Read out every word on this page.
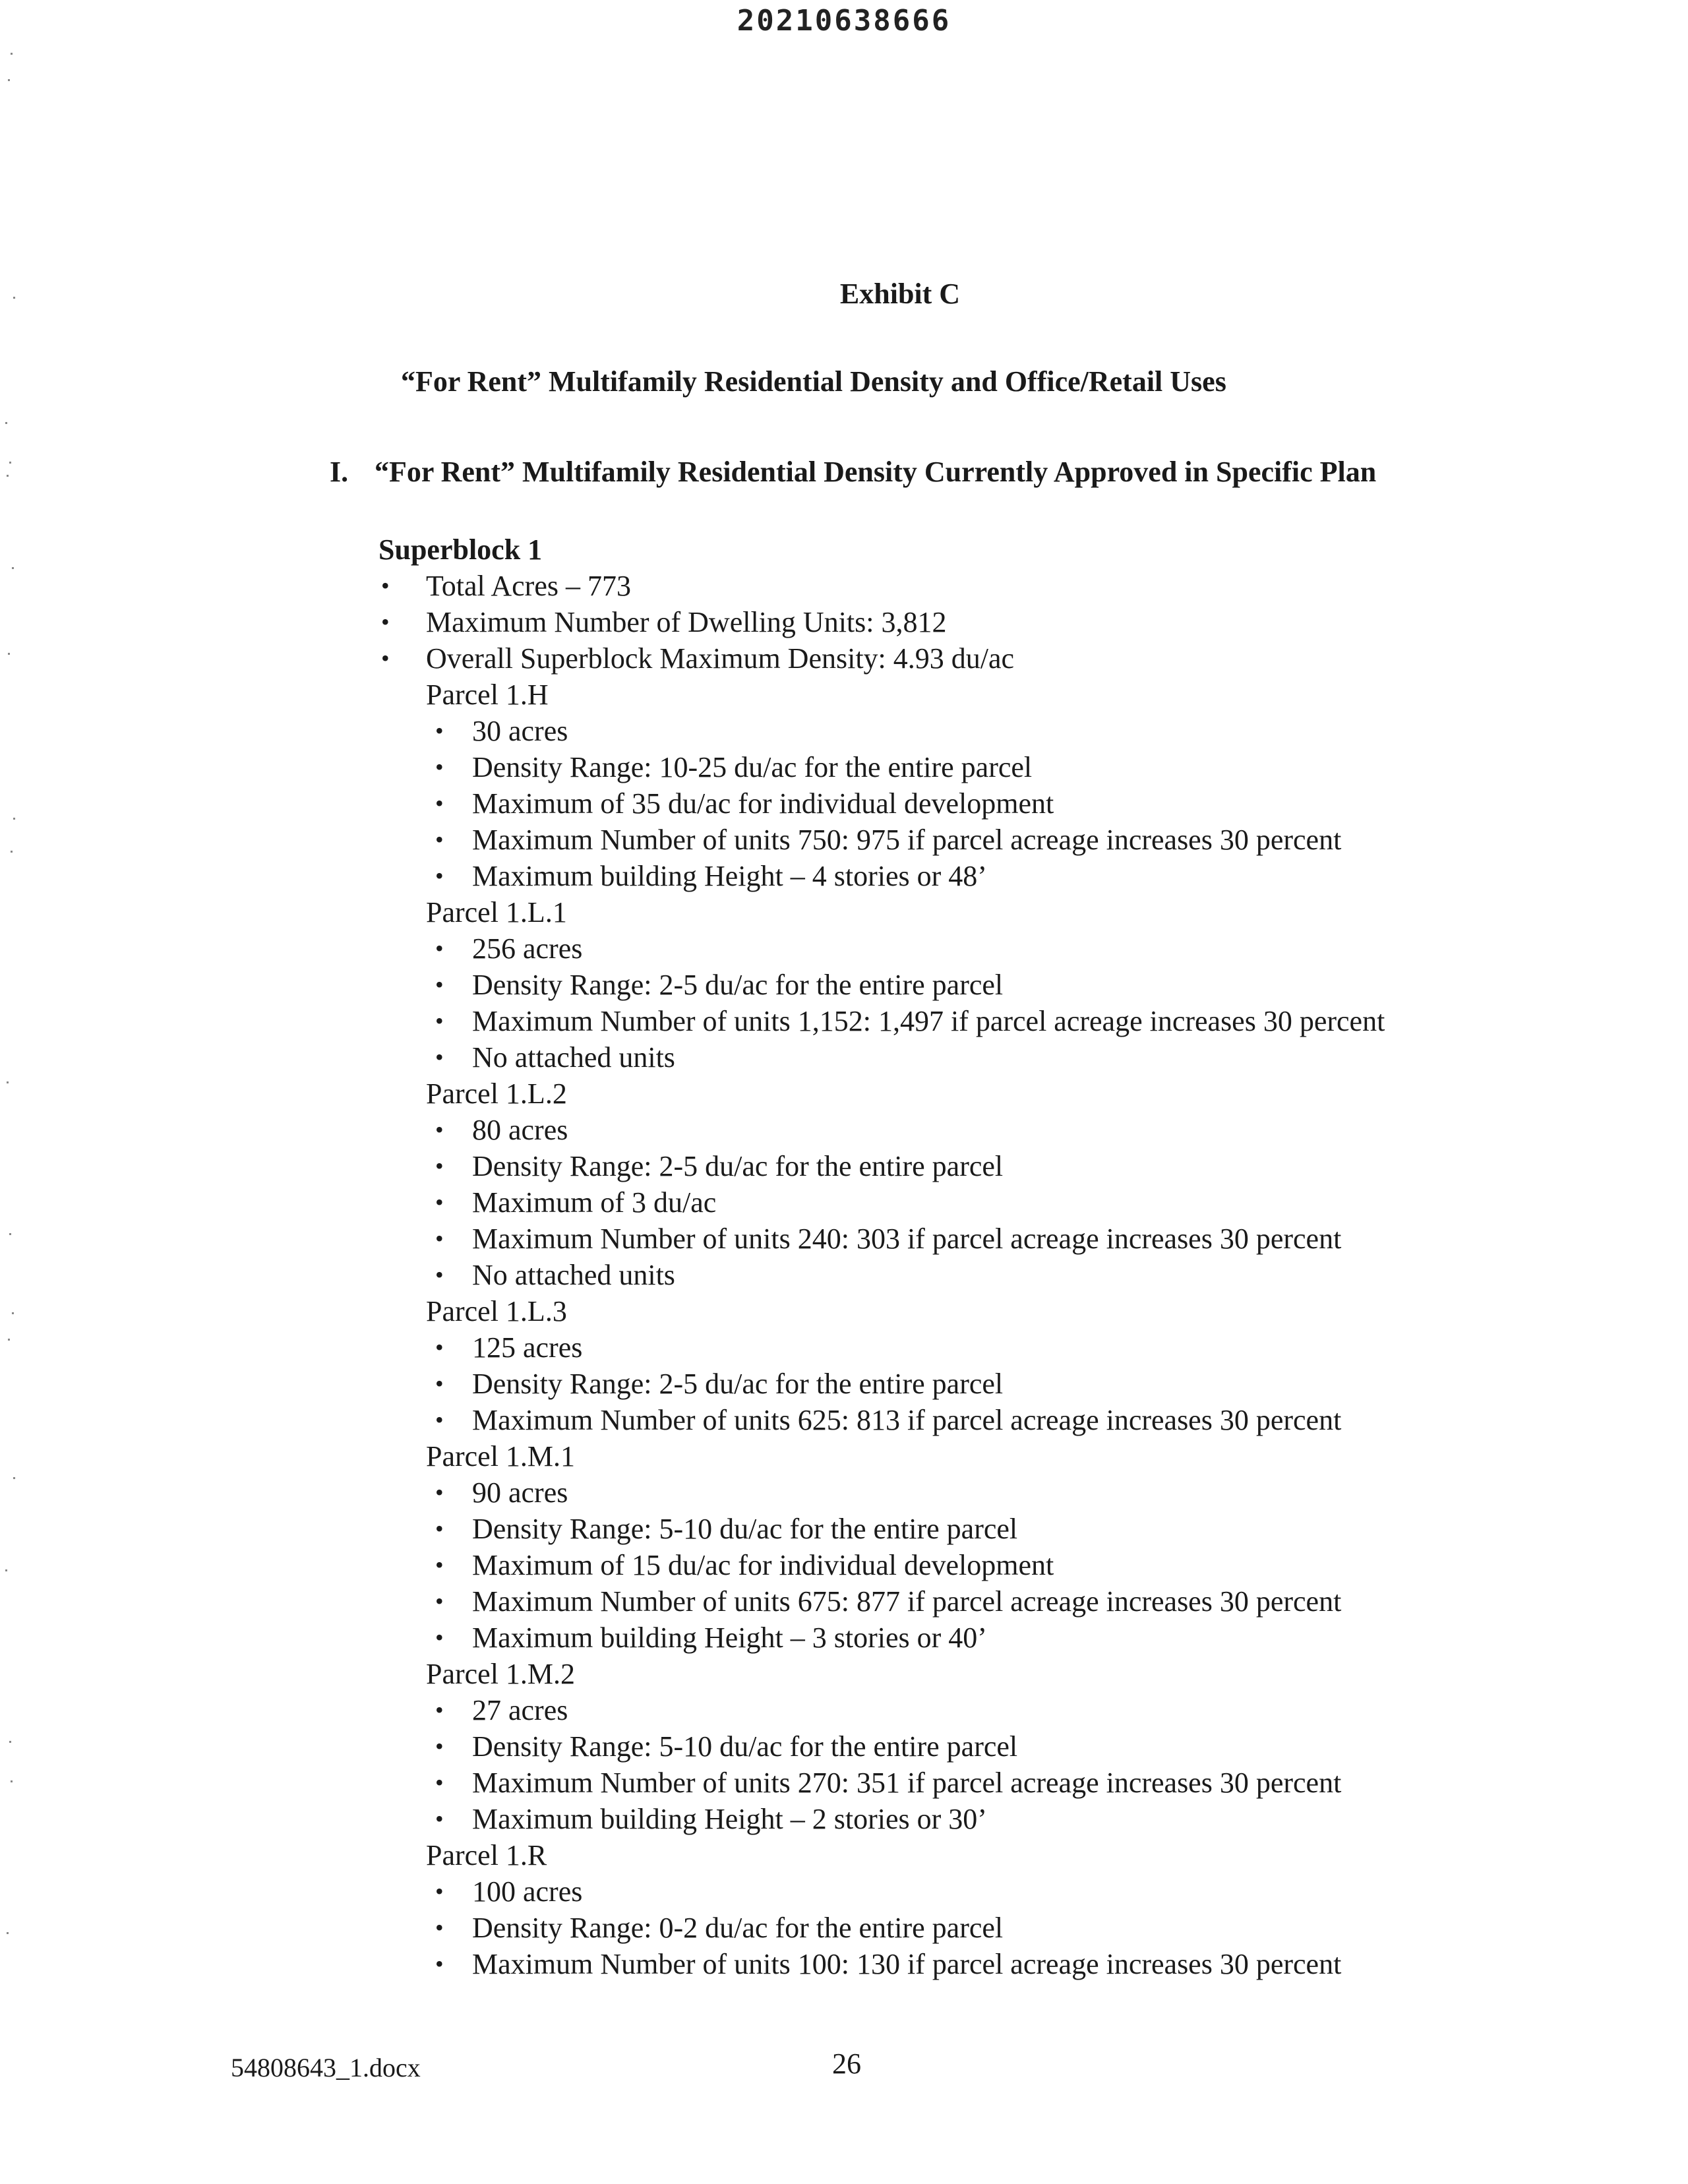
20210638666
Exhibit C
“For Rent” Multifamily Residential Density and Office/Retail Uses
I. “For Rent” Multifamily Residential Density Currently Approved in Specific Plan
Superblock 1
• Total Acres – 773
• Maximum Number of Dwelling Units: 3,812
• Overall Superblock Maximum Density: 4.93 du/ac
Parcel 1.H
• 30 acres
• Density Range: 10-25 du/ac for the entire parcel
• Maximum of 35 du/ac for individual development
• Maximum Number of units 750: 975 if parcel acreage increases 30 percent
• Maximum building Height – 4 stories or 48’
Parcel 1.L.1
• 256 acres
• Density Range: 2-5 du/ac for the entire parcel
• Maximum Number of units 1,152: 1,497 if parcel acreage increases 30 percent
• No attached units
Parcel 1.L.2
• 80 acres
• Density Range: 2-5 du/ac for the entire parcel
• Maximum of 3 du/ac
• Maximum Number of units 240: 303 if parcel acreage increases 30 percent
• No attached units
Parcel 1.L.3
• 125 acres
• Density Range: 2-5 du/ac for the entire parcel
• Maximum Number of units 625: 813 if parcel acreage increases 30 percent
Parcel 1.M.1
• 90 acres
• Density Range: 5-10 du/ac for the entire parcel
• Maximum of 15 du/ac for individual development
• Maximum Number of units 675: 877 if parcel acreage increases 30 percent
• Maximum building Height – 3 stories or 40’
Parcel 1.M.2
• 27 acres
• Density Range: 5-10 du/ac for the entire parcel
• Maximum Number of units 270: 351 if parcel acreage increases 30 percent
• Maximum building Height – 2 stories or 30’
Parcel 1.R
• 100 acres
• Density Range: 0-2 du/ac for the entire parcel
• Maximum Number of units 100: 130 if parcel acreage increases 30 percent
54808643_1.docx	26
